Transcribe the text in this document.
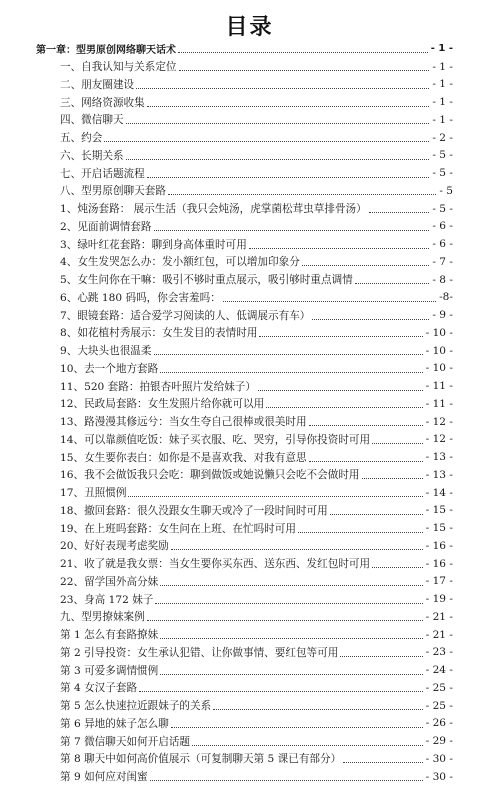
目录
第一章：型男原创网络聊天话术	- 1 -
一、自我认知与关系定位	- 1 -
二、朋友圈建设	- 1 -
三、网络资源收集	- 1 -
四、微信聊天	- 1 -
五、约会	- 2 -
六、长期关系	- 5 -
七、开启话题流程	- 5 -
八、型男原创聊天套路	- 5
1、炖汤套路： 展示生活（我只会炖汤，虎掌菌松茸虫草排骨汤）	- 5 -
2、见面前调情套路	- 6 -
3、绿叶红花套路：聊到身高体重时可用	- 6 -
4、女生发哭怎么办：发小额红包，可以增加印象分	- 7 -
5、女生问你在干嘛：吸引不够时重点展示，吸引够时重点调情	- 8 -
6、心跳 180 码吗，你会害羞吗：	-8-
7、眼镜套路：适合爱学习阅读的人、低调展示有车）	- 9 -
8、如花植村秀展示：女生发目的表情时用	- 10 -
9、大块头也很温柔	- 10 -
10、去一个地方套路	- 10 -
11、520 套路：拍银杏叶照片发给妹子）	- 11 -
12、民政局套路：女生发照片给你就可以用	- 11 -
13、路漫漫其修远兮：当女生夸自己很棒或很美时用	- 12 -
14、可以靠颜值吃饭：妹子买衣服、吃、哭穷，引导你投资时可用	- 12 -
15、女生要你表白：如你是不是喜欢我、对我有意思	- 13 -
16、我不会做饭我只会吃：聊到做饭或她说懒只会吃不会做时用	- 13 -
17、丑照惯例	- 14 -
18、撤回套路：很久没跟女生聊天或冷了一段时间时可用	- 15 -
19、在上班吗套路：女生问在上班、在忙吗时可用	- 15 -
20、好好表现考虑奖励	- 16 -
21、收了就是我女票：当女生要你买东西、送东西、发红包时可用	- 16 -
22、留学国外高分妹	- 17 -
23、身高 172 妹子	- 19 -
九、型男撩妹案例	- 21 -
第 1 怎么有套路撩妹	- 21 -
第 2 引导投资：女生承认犯错、让你做事情、要红包等可用	- 23 -
第 3 可爱多调情惯例	- 24 -
第 4 女汉子套路	- 25 -
第 5 怎么快速拉近跟妹子的关系	- 25 -
第 6 异地的妹子怎么聊	- 26 -
第 7 微信聊天如何开启话题	- 29 -
第 8 聊天中如何高价值展示（可复制聊天第 5 课已有部分）	- 30 -
第 9 如何应对闺蜜	- 30 -
